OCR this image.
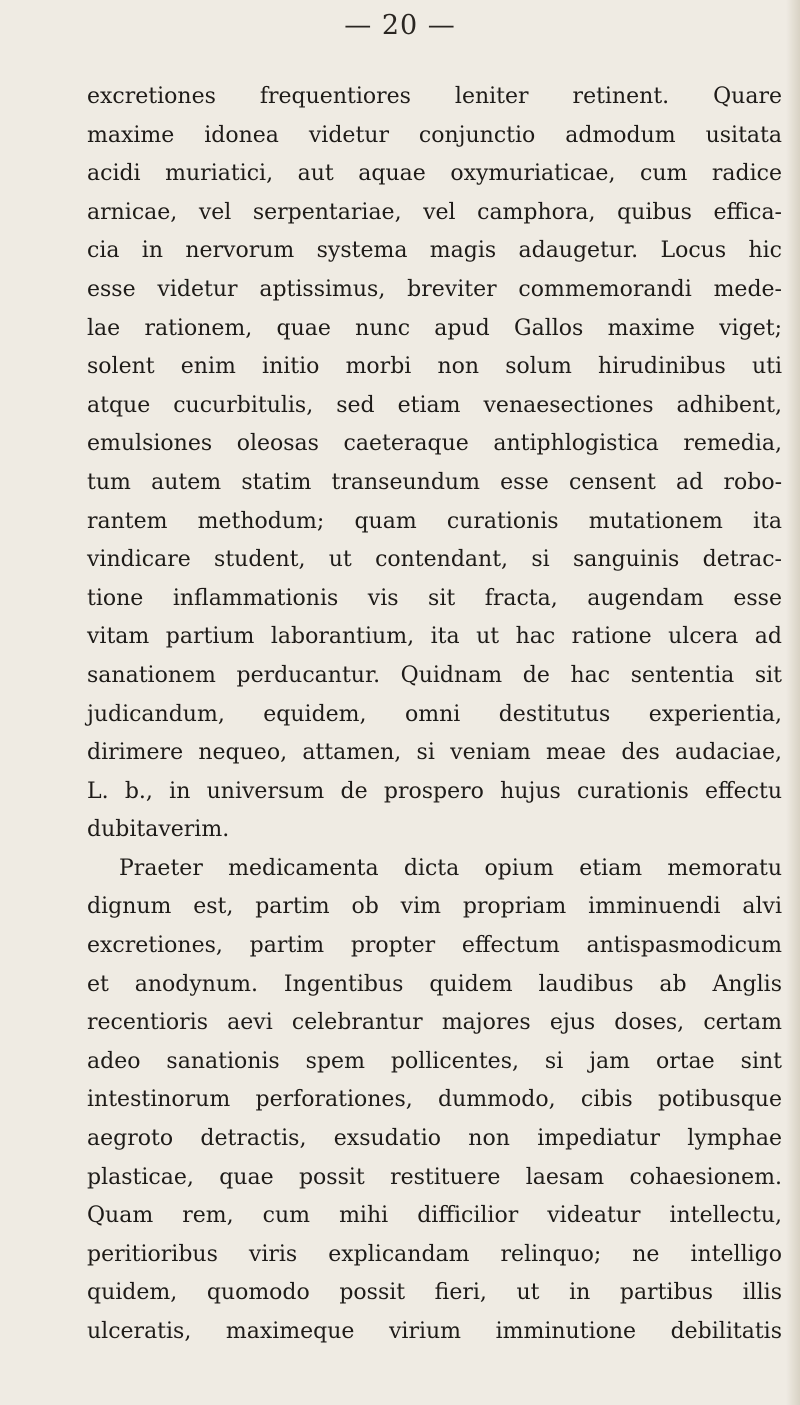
— 20 —
excretiones frequentiores leniter retinent. Quare
maxime idonea videtur conjunctio admodum usitata
acidi muriatici, aut aquae oxymuriaticae, cum radice
arnicae, vel serpentariae, vel camphora, quibus effica-
cia in nervorum systema magis adaugetur. Locus hic
esse videtur aptissimus, breviter commemorandi mede-
lae rationem, quae nunc apud Gallos maxime viget;
solent enim initio morbi non solum hirudinibus uti
atque cucurbitulis, sed etiam venaesectiones adhibent,
emulsiones oleosas caeteraque antiphlogistica remedia,
tum autem statim transeundum esse censent ad robo-
rantem methodum; quam curationis mutationem ita
vindicare student, ut contendant, si sanguinis detrac-
tione inflammationis vis sit fracta, augendam esse
vitam partium laborantium, ita ut hac ratione ulcera ad
sanationem perducantur. Quidnam de hac sententia sit
judicandum, equidem, omni destitutus experientia,
dirimere nequeo, attamen, si veniam meae des audaciae,
L. b., in universum de prospero hujus curationis effectu
dubitaverim.
Praeter medicamenta dicta opium etiam memoratu
dignum est, partim ob vim propriam imminuendi alvi
excretiones, partim propter effectum antispasmodicum
et anodynum. Ingentibus quidem laudibus ab Anglis
recentioris aevi celebrantur majores ejus doses, certam
adeo sanationis spem pollicentes, si jam ortae sint
intestinorum perforationes, dummodo, cibis potibusque
aegroto detractis, exsudatio non impediatur lymphae
plasticae, quae possit restituere laesam cohaesionem.
Quam rem, cum mihi difficilior videatur intellectu,
peritioribus viris explicandam relinquo; ne intelligo
quidem, quomodo possit fieri, ut in partibus illis
ulceratis, maximeque virium imminutione debilitatis
